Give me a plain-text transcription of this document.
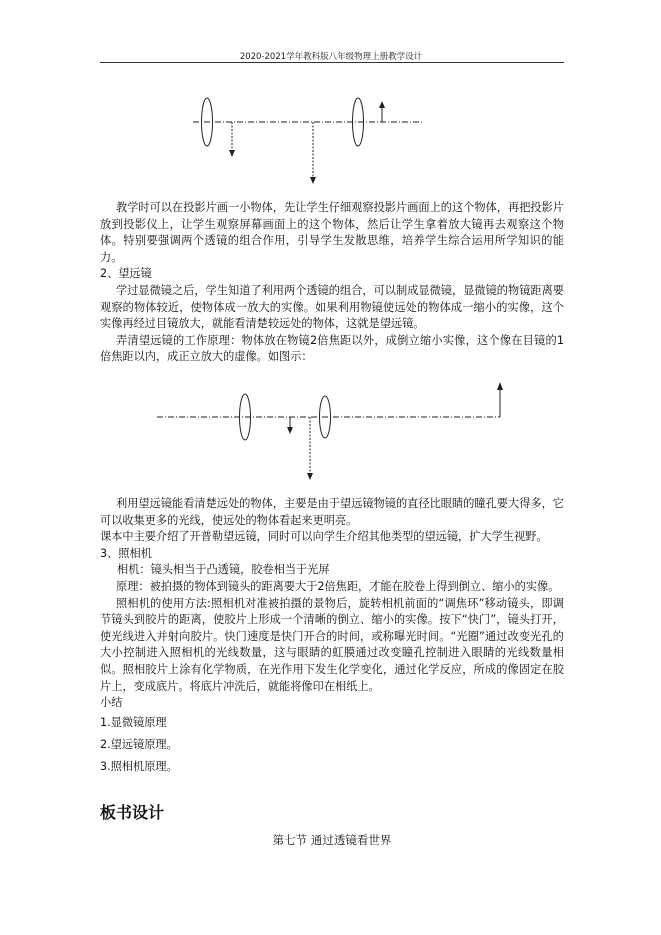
2020-2021学年教科版八年级物理上册教学设计

教学时可以在投影片画一小物体，先让学生仔细观察投影片画面上的这个物体，再把投影片放到投影仪上，让学生观察屏幕画面上的这个物体，然后让学生拿着放大镜再去观察这个物体。特别要强调两个透镜的组合作用，引导学生发散思维，培养学生综合运用所学知识的能力。

2、望远镜

学过显微镜之后，学生知道了利用两个透镜的组合，可以制成显微镜，显微镜的物镜距离要观察的物体较近，使物体成一放大的实像。如果利用物镜使远处的物体成一缩小的实像，这个实像再经过目镜放大，就能看清楚较远处的物体，这就是望远镜。

弄清望远镜的工作原理：物体放在物镜2倍焦距以外，成倒立缩小实像，这个像在目镜的1倍焦距以内，成正立放大的虚像。如图示：

利用望远镜能看清楚远处的物体，主要是由于望远镜物镜的直径比眼睛的瞳孔要大得多，它可以收集更多的光线，使远处的物体看起来更明亮。

课本中主要介绍了开普勒望远镜，同时可以向学生介绍其他类型的望远镜，扩大学生视野。

3、照相机

相机：镜头相当于凸透镜，胶卷相当于光屏

原理：被拍摄的物体到镜头的距离要大于2倍焦距，才能在胶卷上得到倒立、缩小的实像。

照相机的使用方法:照相机对准被拍摄的景物后，旋转相机前面的“调焦环”移动镜头，即调节镜头到胶片的距离，使胶片上形成一个清晰的倒立、缩小的实像。按下“快门”，镜头打开，使光线进入并射向胶片。快门速度是快门开合的时间，或称曝光时间。“光圈”通过改变光孔的大小控制进入照相机的光线数量，这与眼睛的虹膜通过改变瞳孔控制进入眼睛的光线数量相似。照相胶片上涂有化学物质，在光作用下发生化学变化，通过化学反应，所成的像固定在胶片上，变成底片。将底片冲洗后，就能将像印在相纸上。

小结

1.显微镜原理

2.望远镜原理。

3.照相机原理。

板书设计
第七节 通过透镜看世界
